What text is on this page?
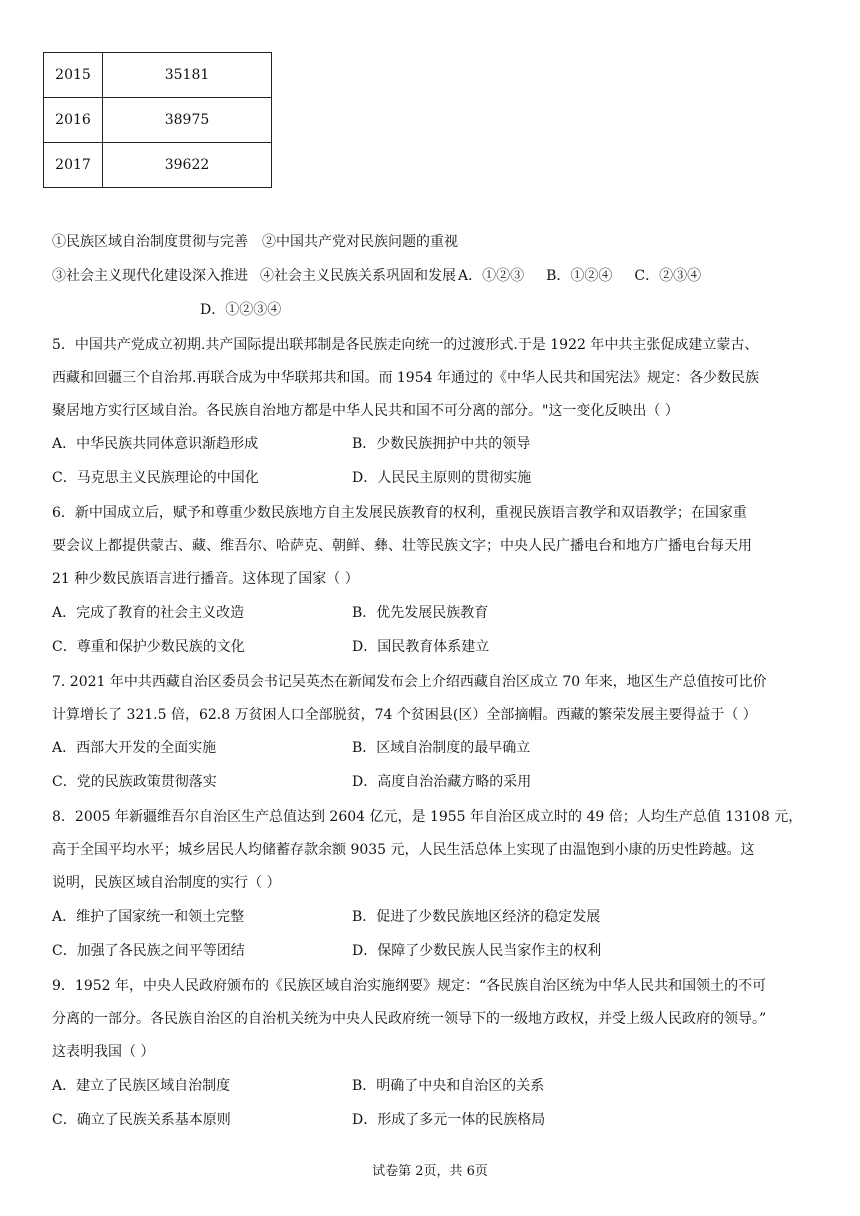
2015	35181
2016	38975
2017	39622
①民族区域自治制度贯彻与完善 ②中国共产党对民族问题的重视
③社会主义现代化建设深入推进 ④社会主义民族关系巩固和发展 A．①②③ B．①②④ C．②③④
D．①②③④
5．中国共产党成立初期.共产国际提出联邦制是各民族走向统一的过渡形式.于是 1922 年中共主张促成建立蒙古、
西藏和回疆三个自治邦.再联合成为中华联邦共和国。而 1954 年通过的《中华人民共和国宪法》规定：各少数民族
聚居地方实行区域自治。各民族自治地方都是中华人民共和国不可分离的部分。"这一变化反映出（ ）
A．中华民族共同体意识渐趋形成	B．少数民族拥护中共的领导
C．马克思主义民族理论的中国化	D．人民民主原则的贯彻实施
6．新中国成立后，赋予和尊重少数民族地方自主发展民族教育的权利，重视民族语言教学和双语教学；在国家重
要会议上都提供蒙古、藏、维吾尔、哈萨克、朝鲜、彝、壮等民族文字；中央人民广播电台和地方广播电台每天用
21 种少数民族语言进行播音。这体现了国家（ ）
A．完成了教育的社会主义改造	B．优先发展民族教育
C．尊重和保护少数民族的文化	D．国民教育体系建立
7. 2021 年中共西藏自治区委员会书记吴英杰在新闻发布会上介绍西藏自治区成立 70 年来，地区生产总值按可比价
计算增长了 321.5 倍，62.8 万贫困人口全部脱贫，74 个贫困县(区）全部摘帽。西藏的繁荣发展主要得益于（ ）
A．西部大开发的全面实施	B．区域自治制度的最早确立
C．党的民族政策贯彻落实	D．高度自治治藏方略的采用
8．2005 年新疆维吾尔自治区生产总值达到 2604 亿元，是 1955 年自治区成立时的 49 倍；人均生产总值 13108 元，
高于全国平均水平；城乡居民人均储蓄存款余额 9035 元，人民生活总体上实现了由温饱到小康的历史性跨越。这
说明，民族区域自治制度的实行（ ）
A．维护了国家统一和领土完整	B．促进了少数民族地区经济的稳定发展
C．加强了各民族之间平等团结	D．保障了少数民族人民当家作主的权利
9．1952 年，中央人民政府颁布的《民族区域自治实施纲要》规定：“各民族自治区统为中华人民共和国领土的不可
分离的一部分。各民族自治区的自治机关统为中央人民政府统一领导下的一级地方政权，并受上级人民政府的领导。”
这表明我国（ ）
A．建立了民族区域自治制度	B．明确了中央和自治区的关系
C．确立了民族关系基本原则	D．形成了多元一体的民族格局
试卷第 2页，共 6页
